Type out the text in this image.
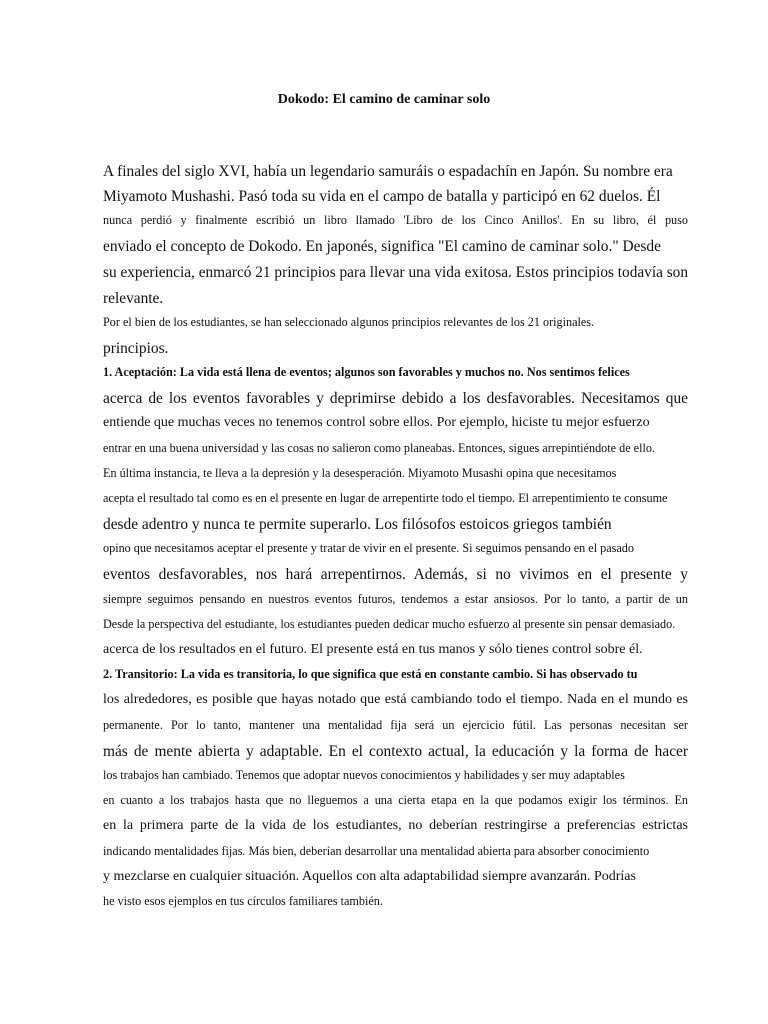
Dokodo: El camino de caminar solo

A finales del siglo XVI, había un legendario samuráis o espadachín en Japón. Su nombre era

Miyamoto Mushashi. Pasó toda su vida en el campo de batalla y participó en 62 duelos. Él

nunca perdió y finalmente escribió un libro llamado 'Libro de los Cinco Anillos'. En su libro, él puso

enviado el concepto de Dokodo. En japonés, significa "El camino de caminar solo." Desde

su experiencia, enmarcó 21 principios para llevar una vida exitosa. Estos principios todavía son

relevante.

Por el bien de los estudiantes, se han seleccionado algunos principios relevantes de los 21 originales.

principios.

1. Aceptación: La vida está llena de eventos; algunos son favorables y muchos no. Nos sentimos felices

acerca de los eventos favorables y deprimirse debido a los desfavorables. Necesitamos que

entiende que muchas veces no tenemos control sobre ellos. Por ejemplo, hiciste tu mejor esfuerzo

entrar en una buena universidad y las cosas no salieron como planeabas. Entonces, sigues arrepintiéndote de ello.

En última instancia, te lleva a la depresión y la desesperación. Miyamoto Musashi opina que necesitamos

acepta el resultado tal como es en el presente en lugar de arrepentirte todo el tiempo. El arrepentimiento te consume

desde adentro y nunca te permite superarlo. Los filósofos estoicos griegos también

opino que necesitamos aceptar el presente y tratar de vivir en el presente. Si seguimos pensando en el pasado

eventos desfavorables, nos hará arrepentirnos. Además, si no vivimos en el presente y

siempre seguimos pensando en nuestros eventos futuros, tendemos a estar ansiosos. Por lo tanto, a partir de un

Desde la perspectiva del estudiante, los estudiantes pueden dedicar mucho esfuerzo al presente sin pensar demasiado.

acerca de los resultados en el futuro. El presente está en tus manos y sólo tienes control sobre él.

2. Transitorio: La vida es transitoria, lo que significa que está en constante cambio. Si has observado tu

los alrededores, es posible que hayas notado que está cambiando todo el tiempo. Nada en el mundo es

permanente. Por lo tanto, mantener una mentalidad fija será un ejercicio fútil. Las personas necesitan ser

más de mente abierta y adaptable. En el contexto actual, la educación y la forma de hacer

los trabajos han cambiado. Tenemos que adoptar nuevos conocimientos y habilidades y ser muy adaptables

en cuanto a los trabajos hasta que no lleguemos a una cierta etapa en la que podamos exigir los términos. En

en la primera parte de la vida de los estudiantes, no deberían restringirse a preferencias estrictas

indicando mentalidades fijas. Más bien, deberían desarrollar una mentalidad abierta para absorber conocimiento

y mezclarse en cualquier situación. Aquellos con alta adaptabilidad siempre avanzarán. Podrías

he visto esos ejemplos en tus círculos familiares también.
